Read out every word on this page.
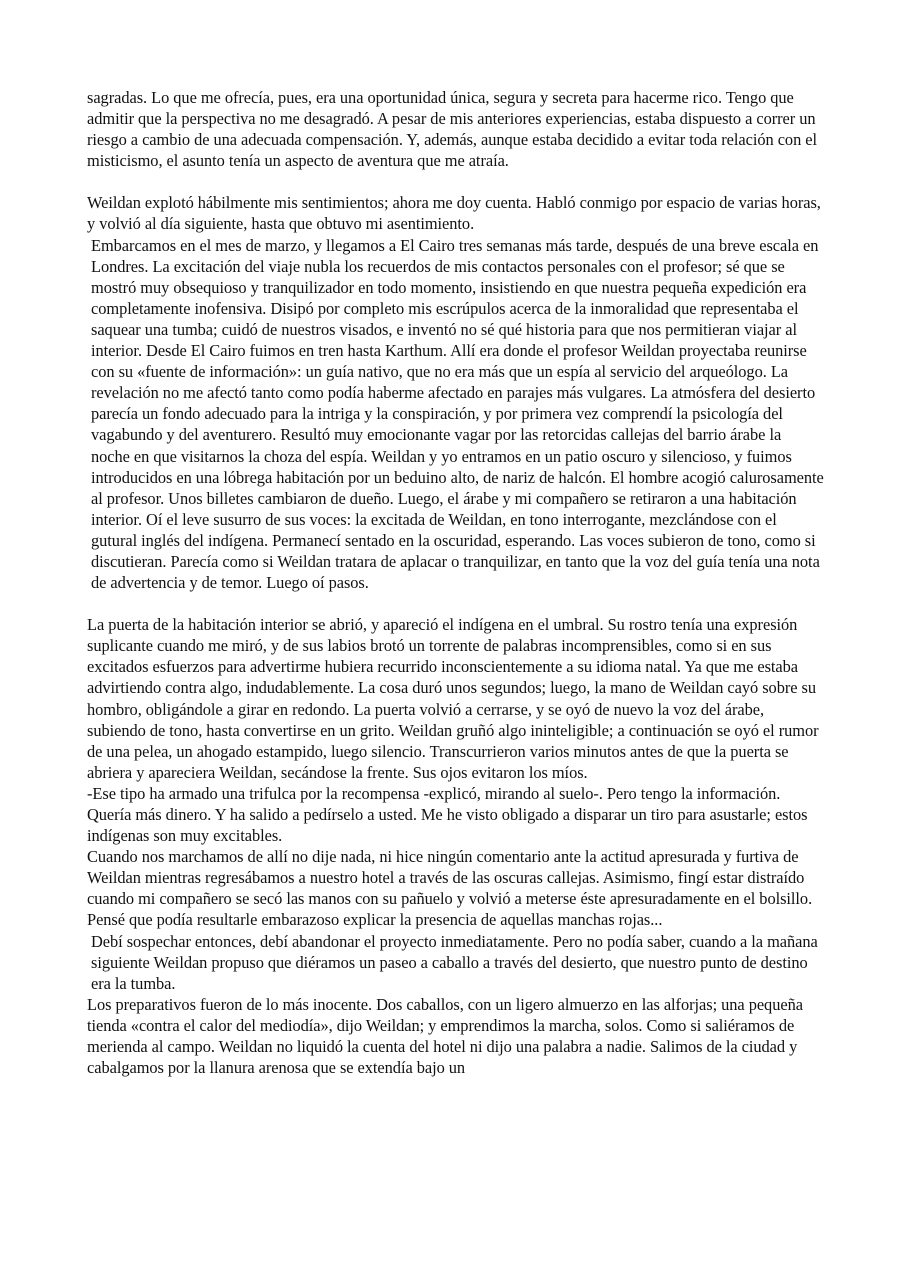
sagradas. Lo que me ofrecía, pues, era una oportunidad única, segura y secreta para hacerme rico. Tengo que admitir que la perspectiva no me desagradó. A pesar de mis anteriores experiencias, estaba dispuesto a correr un riesgo a cambio de una adecuada compensación. Y, además, aunque estaba decidido a evitar toda relación con el misticismo, el asunto tenía un aspecto de aventura que me atraía.

Weildan explotó hábilmente mis sentimientos; ahora me doy cuenta. Habló conmigo por espacio de varias horas, y volvió al día siguiente, hasta que obtuvo mi asentimiento.

Embarcamos en el mes de marzo, y llegamos a El Cairo tres semanas más tarde, después de una breve escala en Londres. La excitación del viaje nubla los recuerdos de mis contactos personales con el profesor; sé que se mostró muy obsequioso y tranquilizador en todo momento, insistiendo en que nuestra pequeña expedición era completamente inofensiva. Disipó por completo mis escrúpulos acerca de la inmoralidad que representaba el saquear una tumba; cuidó de nuestros visados, e inventó no sé qué historia para que nos permitieran viajar al interior. Desde El Cairo fuimos en tren hasta Karthum. Allí era donde el profesor Weildan proyectaba reunirse con su «fuente de información»: un guía nativo, que no era más que un espía al servicio del arqueólogo. La revelación no me afectó tanto como podía haberme afectado en parajes más vulgares. La atmósfera del desierto parecía un fondo adecuado para la intriga y la conspiración, y por primera vez comprendí la psicología del vagabundo y del aventurero. Resultó muy emocionante vagar por las retorcidas callejas del barrio árabe la noche en que visitarnos la choza del espía. Weildan y yo entramos en un patio oscuro y silencioso, y fuimos introducidos en una lóbrega habitación por un beduino alto, de nariz de halcón. El hombre acogió calurosamente al profesor. Unos billetes cambiaron de dueño. Luego, el árabe y mi compañero se retiraron a una habitación interior. Oí el leve susurro de sus voces: la excitada de Weildan, en tono interrogante, mezclándose con el gutural inglés del indígena. Permanecí sentado en la oscuridad, esperando. Las voces subieron de tono, como si discutieran. Parecía como si Weildan tratara de aplacar o tranquilizar, en tanto que la voz del guía tenía una nota de advertencia y de temor. Luego oí pasos.

La puerta de la habitación interior se abrió, y apareció el indígena en el umbral. Su rostro tenía una expresión suplicante cuando me miró, y de sus labios brotó un torrente de palabras incomprensibles, como si en sus excitados esfuerzos para advertirme hubiera recurrido inconscientemente a su idioma natal. Ya que me estaba advirtiendo contra algo, indudablemente. La cosa duró unos segundos; luego, la mano de Weildan cayó sobre su hombro, obligándole a girar en redondo. La puerta volvió a cerrarse, y se oyó de nuevo la voz del árabe, subiendo de tono, hasta convertirse en un grito. Weildan gruñó algo ininteligible; a continuación se oyó el rumor de una pelea, un ahogado estampido, luego silencio. Transcurrieron varios minutos antes de que la puerta se abriera y apareciera Weildan, secándose la frente. Sus ojos evitaron los míos.

-Ese tipo ha armado una trifulca por la recompensa -explicó, mirando al suelo-. Pero tengo la información. Quería más dinero. Y ha salido a pedírselo a usted. Me he visto obligado a disparar un tiro para asustarle; estos indígenas son muy excitables.

Cuando nos marchamos de allí no dije nada, ni hice ningún comentario ante la actitud apresurada y furtiva de Weildan mientras regresábamos a nuestro hotel a través de las oscuras callejas. Asimismo, fingí estar distraído cuando mi compañero se secó las manos con su pañuelo y volvió a meterse éste apresuradamente en el bolsillo.

Pensé que podía resultarle embarazoso explicar la presencia de aquellas manchas rojas...

Debí sospechar entonces, debí abandonar el proyecto inmediatamente. Pero no podía saber, cuando a la mañana siguiente Weildan propuso que diéramos un paseo a caballo a través del desierto, que nuestro punto de destino era la tumba.

Los preparativos fueron de lo más inocente. Dos caballos, con un ligero almuerzo en las alforjas; una pequeña tienda «contra el calor del mediodía», dijo Weildan; y emprendimos la marcha, solos. Como si saliéramos de merienda al campo. Weildan no liquidó la cuenta del hotel ni dijo una palabra a nadie. Salimos de la ciudad y cabalgamos por la llanura arenosa que se extendía bajo un
